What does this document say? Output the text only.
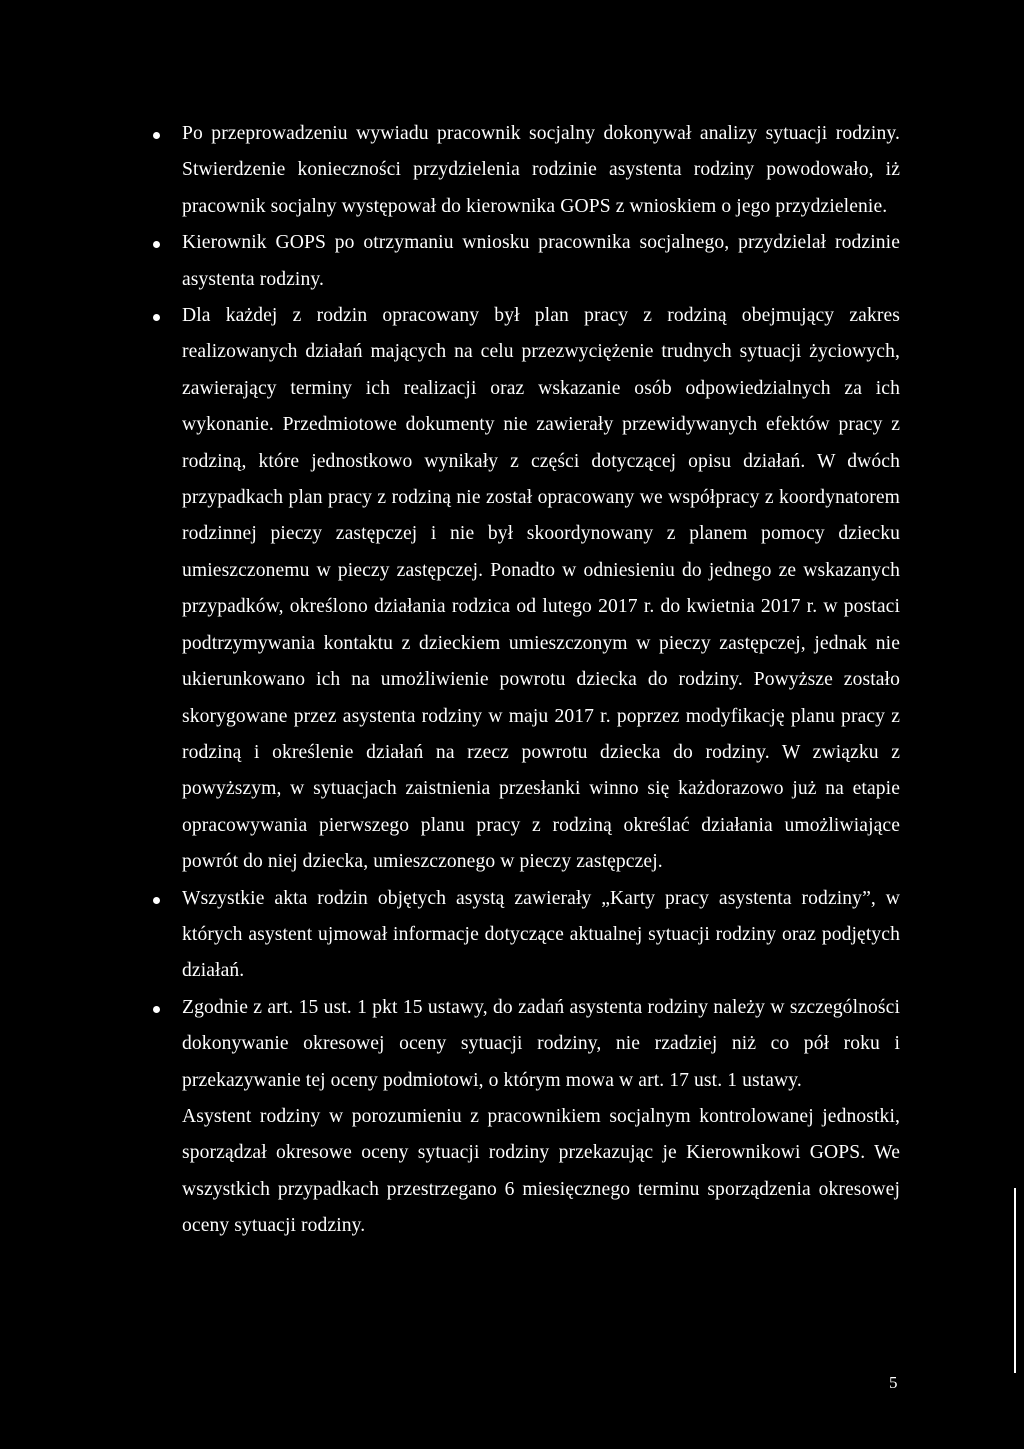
Po przeprowadzeniu wywiadu pracownik socjalny dokonywał analizy sytuacji rodziny. Stwierdzenie konieczności przydzielenia rodzinie asystenta rodziny powodowało, iż pracownik socjalny występował do kierownika GOPS z wnioskiem o jego przydzielenie.

Kierownik GOPS po otrzymaniu wniosku pracownika socjalnego, przydzielał rodzinie asystenta rodziny.

Dla każdej z rodzin opracowany był plan pracy z rodziną obejmujący zakres realizowanych działań mających na celu przezwyciężenie trudnych sytuacji życiowych, zawierający terminy ich realizacji oraz wskazanie osób odpowiedzialnych za ich wykonanie. Przedmiotowe dokumenty nie zawierały przewidywanych efektów pracy z rodziną, które jednostkowo wynikały z części dotyczącej opisu działań. W dwóch przypadkach plan pracy z rodziną nie został opracowany we współpracy z koordynatorem rodzinnej pieczy zastępczej i nie był skoordynowany z planem pomocy dziecku umieszczonemu w pieczy zastępczej. Ponadto w odniesieniu do jednego ze wskazanych przypadków, określono działania rodzica od lutego 2017 r. do kwietnia 2017 r. w postaci podtrzymywania kontaktu z dzieckiem umieszczonym w pieczy zastępczej, jednak nie ukierunkowano ich na umożliwienie powrotu dziecka do rodziny. Powyższe zostało skorygowane przez asystenta rodziny w maju 2017 r. poprzez modyfikację planu pracy z rodziną i określenie działań na rzecz powrotu dziecka do rodziny. W związku z powyższym, w sytuacjach zaistnienia przesłanki winno się każdorazowo już na etapie opracowywania pierwszego planu pracy z rodziną określać działania umożliwiające powrót do niej dziecka, umieszczonego w pieczy zastępczej.

Wszystkie akta rodzin objętych asystą zawierały „Karty pracy asystenta rodziny”, w których asystent ujmował informacje dotyczące aktualnej sytuacji rodziny oraz podjętych działań.

Zgodnie z art. 15 ust. 1 pkt 15 ustawy, do zadań asystenta rodziny należy w szczególności dokonywanie okresowej oceny sytuacji rodziny, nie rzadziej niż co pół roku i przekazywanie tej oceny podmiotowi, o którym mowa w art. 17 ust. 1 ustawy.

Asystent rodziny w porozumieniu z pracownikiem socjalnym kontrolowanej jednostki, sporządzał okresowe oceny sytuacji rodziny przekazując je Kierownikowi GOPS. We wszystkich przypadkach przestrzegano 6 miesięcznego terminu sporządzenia okresowej oceny sytuacji rodziny.

5
